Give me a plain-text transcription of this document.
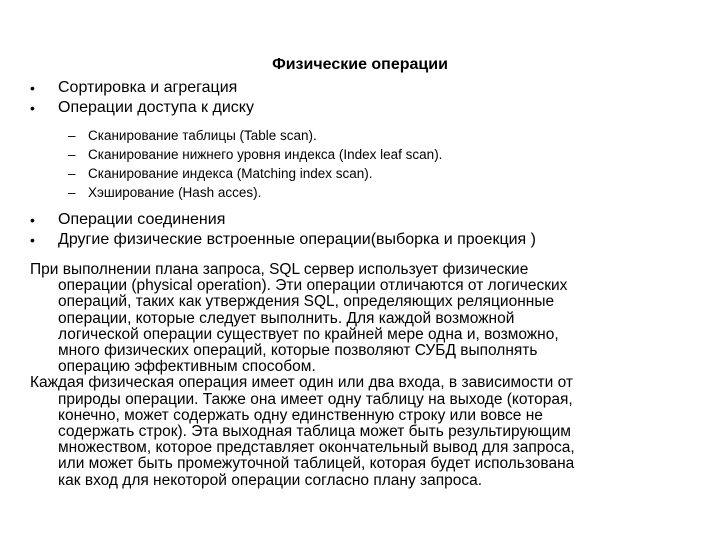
Физические операции
•	Сортировка и агрегация
•	Операции доступа к диску
– Сканирование таблицы (Table scan).
– Сканирование нижнего уровня индекса (Index leaf scan).
– Сканирование индекса (Matching index scan).
– Хэширование (Hash acces).
•	Операции соединения
•	Другие физические встроенные операции(выборка и проекция )
При выполнении плана запроса, SQL сервер использует физические
операции (physical operation). Эти операции отличаются от логических
операций, таких как утверждения SQL, определяющих реляционные
операции, которые следует выполнить. Для каждой возможной
логической операции существует по крайней мере одна и, возможно,
много физических операций, которые позволяют СУБД выполнять
операцию эффективным способом.
Каждая физическая операция имеет один или два входа, в зависимости от
природы операции. Также она имеет одну таблицу на выходе (которая,
конечно, может содержать одну единственную строку или вовсе не
содержать строк). Эта выходная таблица может быть результирующим
множеством, которое представляет окончательный вывод для запроса,
или может быть промежуточной таблицей, которая будет использована
как вход для некоторой операции согласно плану запроса.
